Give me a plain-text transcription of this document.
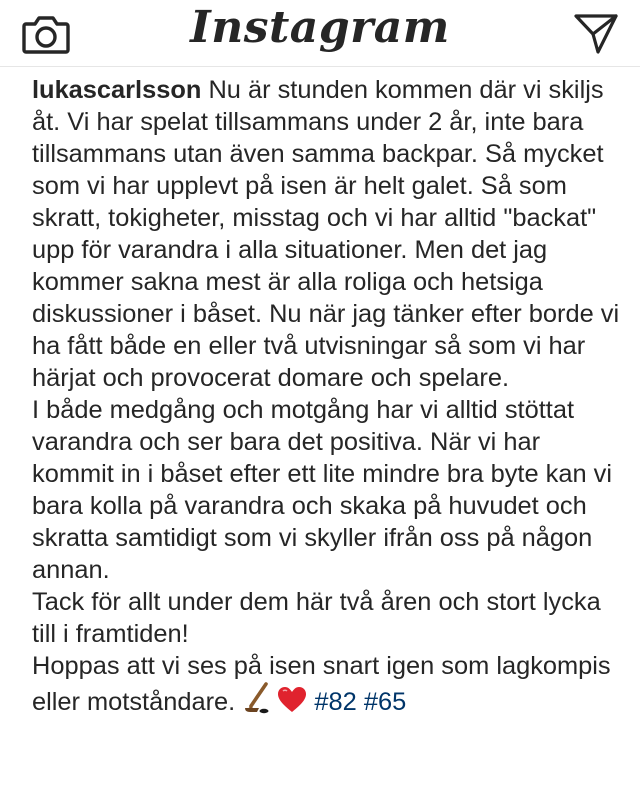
Instagram

lukascarlsson Nu är stunden kommen där vi skiljs åt. Vi har spelat tillsammans under 2 år, inte bara tillsammans utan även samma backpar. Så mycket som vi har upplevt på isen är helt galet. Så som skratt, tokigheter, misstag och vi har alltid "backat" upp för varandra i alla situationer. Men det jag kommer sakna mest är alla roliga och hetsiga diskussioner i båset. Nu när jag tänker efter borde vi ha fått både en eller två utvisningar så som vi har härjat och provocerat domare och spelare.

I både medgång och motgång har vi alltid stöttat varandra och ser bara det positiva. När vi har kommit in i båset efter ett lite mindre bra byte kan vi bara kolla på varandra och skaka på huvudet och skratta samtidigt som vi skyller ifrån oss på någon annan.

Tack för allt under dem här två åren och stort lycka till i framtiden!

Hoppas att vi ses på isen snart igen som lagkompis eller motståndare.	#82 #65
